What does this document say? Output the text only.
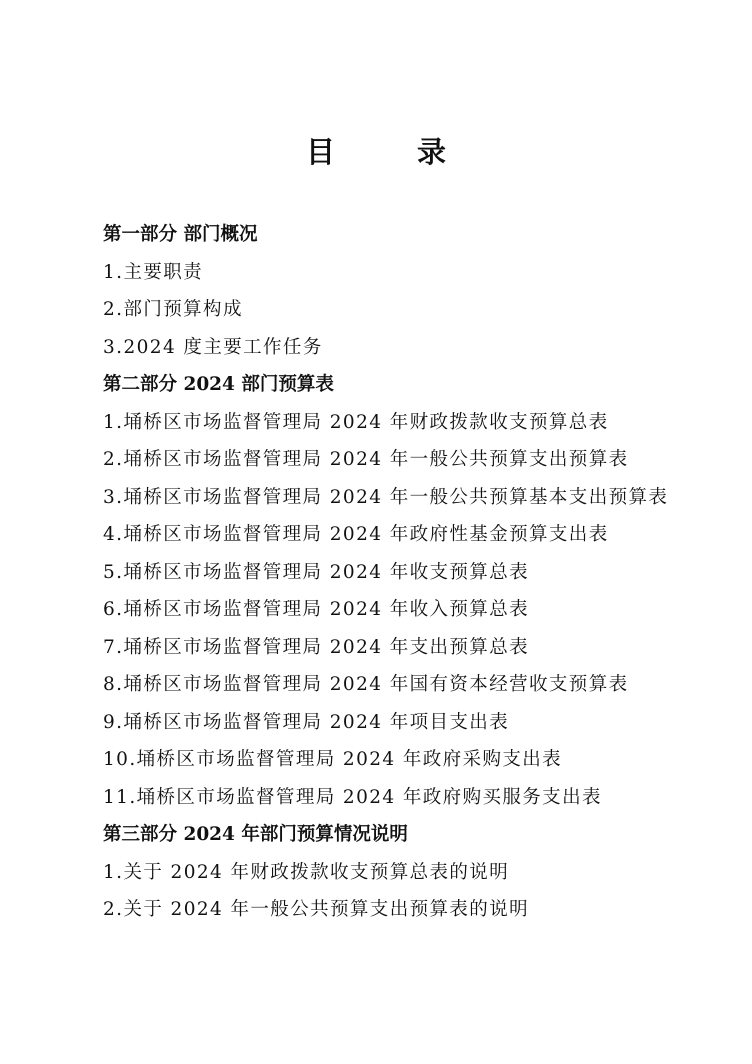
目 录
第一部分 部门概况
1.主要职责
2.部门预算构成
3.2024 度主要工作任务
第二部分 2024 部门预算表
1.埇桥区市场监督管理局 2024 年财政拨款收支预算总表
2.埇桥区市场监督管理局 2024 年一般公共预算支出预算表
3.埇桥区市场监督管理局 2024 年一般公共预算基本支出预算表
4.埇桥区市场监督管理局 2024 年政府性基金预算支出表
5.埇桥区市场监督管理局 2024 年收支预算总表
6.埇桥区市场监督管理局 2024 年收入预算总表
7.埇桥区市场监督管理局 2024 年支出预算总表
8.埇桥区市场监督管理局 2024 年国有资本经营收支预算表
9.埇桥区市场监督管理局 2024 年项目支出表
10.埇桥区市场监督管理局 2024 年政府采购支出表
11.埇桥区市场监督管理局 2024 年政府购买服务支出表
第三部分 2024 年部门预算情况说明
1.关于 2024 年财政拨款收支预算总表的说明
2.关于 2024 年一般公共预算支出预算表的说明
